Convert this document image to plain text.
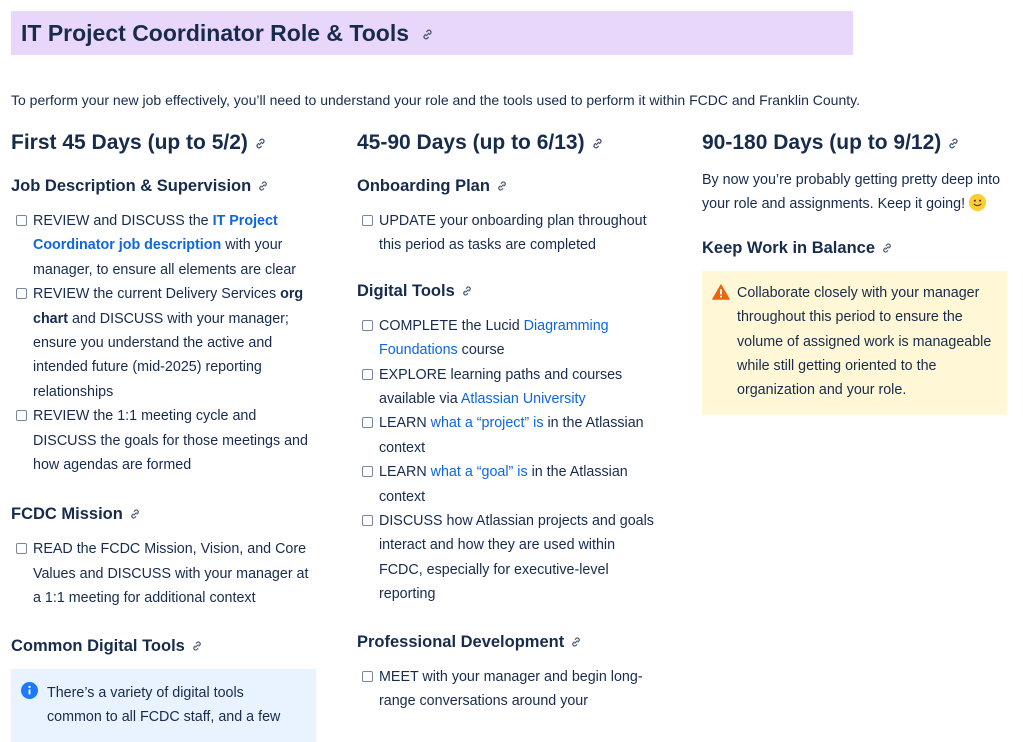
IT Project Coordinator Role & Tools

To perform your new job effectively, you’ll need to understand your role and the tools used to perform it within FCDC and Franklin County.

First 45 Days (up to 5/2)
Job Description & Supervision
REVIEW and DISCUSS the IT Project Coordinator job description with your manager, to ensure all elements are clear
REVIEW the current Delivery Services org chart and DISCUSS with your manager; ensure you understand the active and intended future (mid-2025) reporting relationships
REVIEW the 1:1 meeting cycle and DISCUSS the goals for those meetings and how agendas are formed
FCDC Mission
READ the FCDC Mission, Vision, and Core Values and DISCUSS with your manager at a 1:1 meeting for additional context
Common Digital Tools
There’s a variety of digital tools common to all FCDC staff, and a few
45-90 Days (up to 6/13)
Onboarding Plan
UPDATE your onboarding plan throughout this period as tasks are completed
Digital Tools
COMPLETE the Lucid Diagramming Foundations course
EXPLORE learning paths and courses available via Atlassian University
LEARN what a “project” is in the Atlassian context
LEARN what a “goal” is in the Atlassian context
DISCUSS how Atlassian projects and goals interact and how they are used within FCDC, especially for executive-level reporting
Professional Development
MEET with your manager and begin long-range conversations around your
90-180 Days (up to 9/12)

By now you’re probably getting pretty deep into your role and assignments. Keep it going!

Keep Work in Balance
Collaborate closely with your manager throughout this period to ensure the volume of assigned work is manageable while still getting oriented to the organization and your role.
